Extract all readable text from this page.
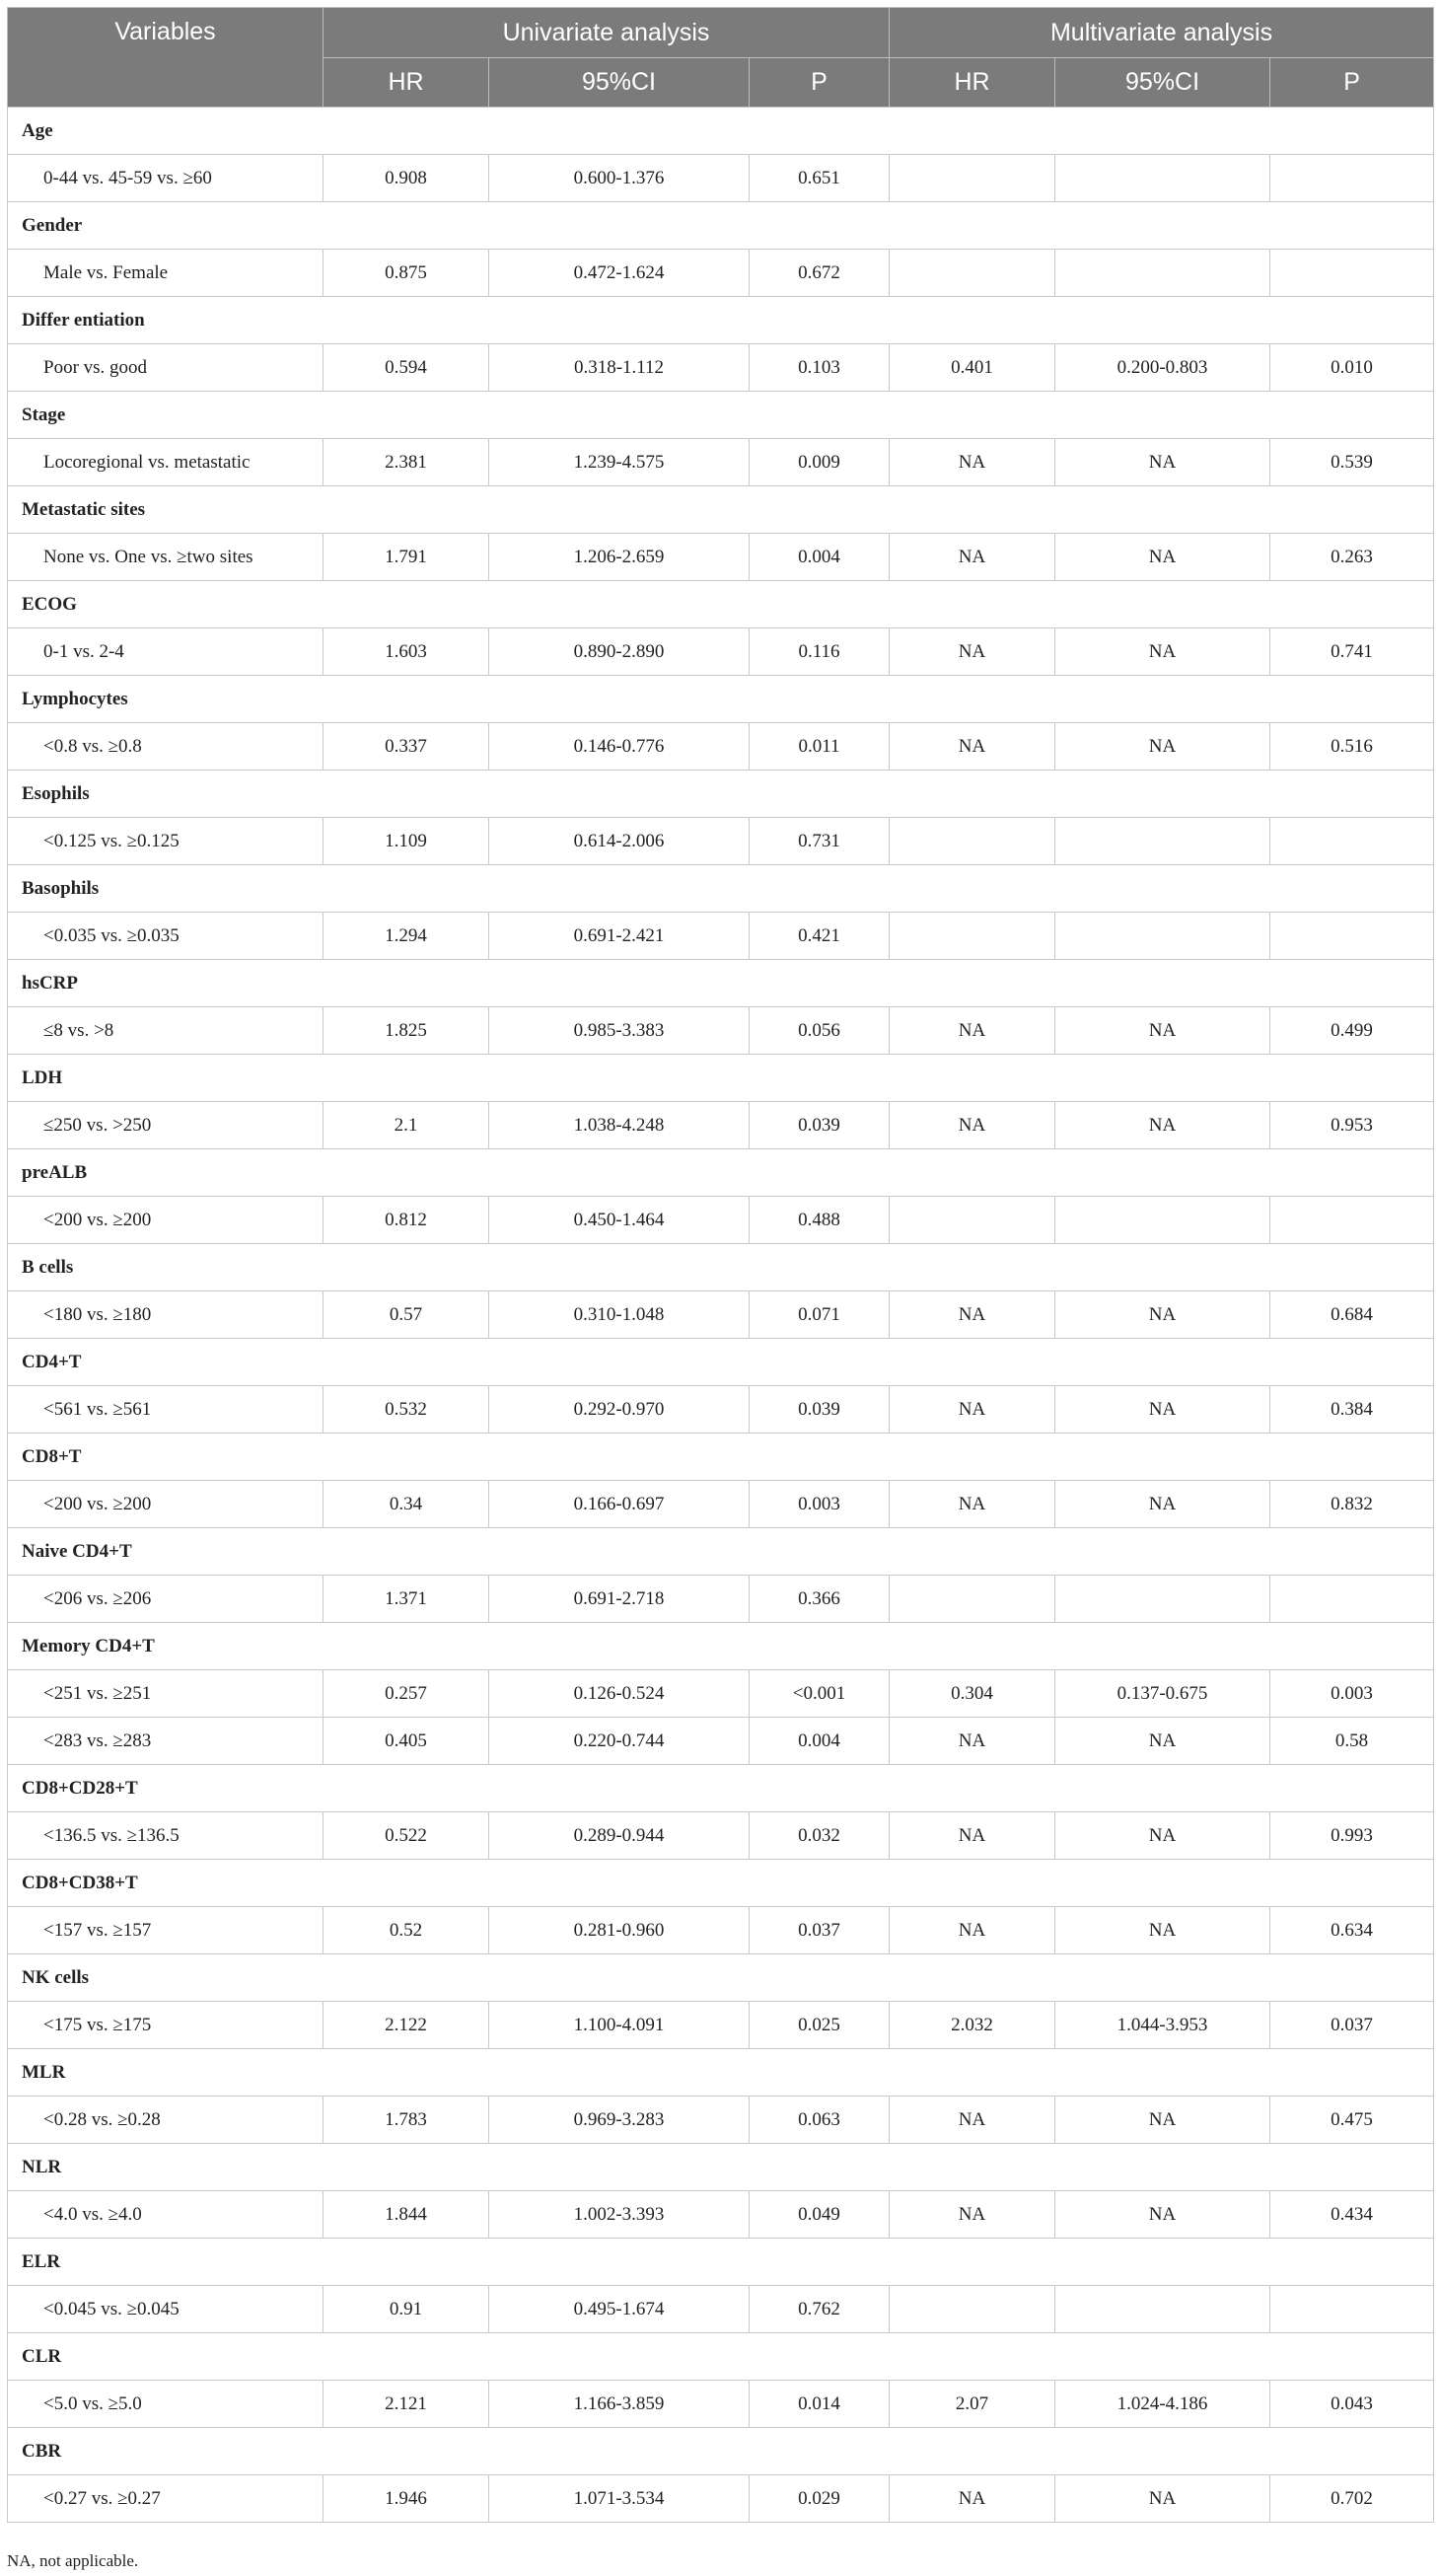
Variables	Univariate analysis			Multivariate analysis		
	HR	95%CI	P	HR	95%CI	P
Age						
0-44 vs. 45-59 vs. ≥60	0.908	0.600-1.376	0.651			
Gender						
Male vs. Female	0.875	0.472-1.624	0.672			
Differ entiation						
Poor vs. good	0.594	0.318-1.112	0.103	0.401	0.200-0.803	0.010
Stage						
Locoregional vs. metastatic	2.381	1.239-4.575	0.009	NA	NA	0.539
Metastatic sites						
None vs. One vs. ≥two sites	1.791	1.206-2.659	0.004	NA	NA	0.263
ECOG						
0-1 vs. 2-4	1.603	0.890-2.890	0.116	NA	NA	0.741
Lymphocytes						
<0.8 vs. ≥0.8	0.337	0.146-0.776	0.011	NA	NA	0.516
Esophils						
<0.125 vs. ≥0.125	1.109	0.614-2.006	0.731			
Basophils						
<0.035 vs. ≥0.035	1.294	0.691-2.421	0.421			
hsCRP						
≤8 vs. >8	1.825	0.985-3.383	0.056	NA	NA	0.499
LDH						
≤250 vs. >250	2.1	1.038-4.248	0.039	NA	NA	0.953
preALB						
<200 vs. ≥200	0.812	0.450-1.464	0.488			
B cells						
<180 vs. ≥180	0.57	0.310-1.048	0.071	NA	NA	0.684
CD4+T						
<561 vs. ≥561	0.532	0.292-0.970	0.039	NA	NA	0.384
CD8+T						
<200 vs. ≥200	0.34	0.166-0.697	0.003	NA	NA	0.832
Naive CD4+T						
<206 vs. ≥206	1.371	0.691-2.718	0.366			
Memory CD4+T						
<251 vs. ≥251	0.257	0.126-0.524	<0.001	0.304	0.137-0.675	0.003
<283 vs. ≥283	0.405	0.220-0.744	0.004	NA	NA	0.58
CD8+CD28+T						
<136.5 vs. ≥136.5	0.522	0.289-0.944	0.032	NA	NA	0.993
CD8+CD38+T						
<157 vs. ≥157	0.52	0.281-0.960	0.037	NA	NA	0.634
NK cells						
<175 vs. ≥175	2.122	1.100-4.091	0.025	2.032	1.044-3.953	0.037
MLR						
<0.28 vs. ≥0.28	1.783	0.969-3.283	0.063	NA	NA	0.475
NLR						
<4.0 vs. ≥4.0	1.844	1.002-3.393	0.049	NA	NA	0.434
ELR						
<0.045 vs. ≥0.045	0.91	0.495-1.674	0.762			
CLR						
<5.0 vs. ≥5.0	2.121	1.166-3.859	0.014	2.07	1.024-4.186	0.043
CBR						
<0.27 vs. ≥0.27	1.946	1.071-3.534	0.029	NA	NA	0.702
NA, not applicable.
